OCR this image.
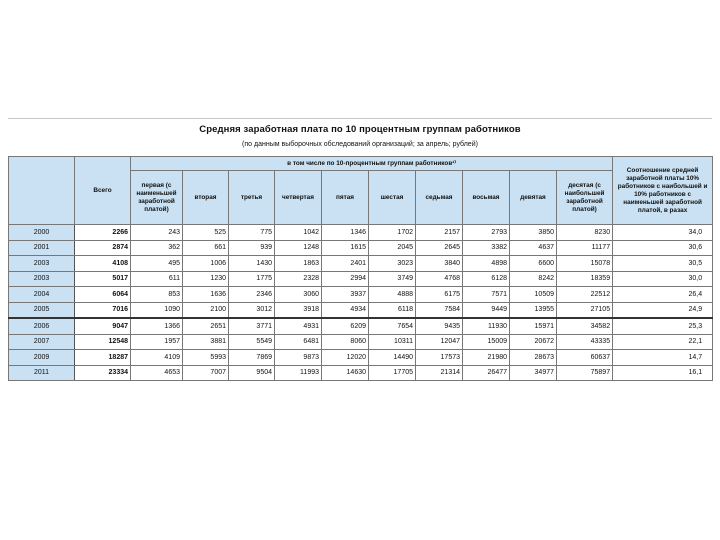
Средняя заработная плата по 10 процентным группам работников
(по данным выборочных обследований организаций; за апрель; рублей)
	Всего	в том числе по 10-процентным группам работников¹⁾										Соотношение средней заработной платы 10% работников с наибольшей и 10% работников с наименьшей заработной платой, в разах
		первая (с наименьшей заработной платой)	вторая	третья	четвертая	пятая	шестая	седьмая	восьмая	девятая	десятая (с наибольшей заработной платой)	
2000	2266	243	525	775	1042	1346	1702	2157	2793	3850	8230	34,0
2001	2874	362	661	939	1248	1615	2045	2645	3382	4637	11177	30,6
2003	4108	495	1006	1430	1863	2401	3023	3840	4898	6600	15078	30,5
2003	5017	611	1230	1775	2328	2994	3749	4768	6128	8242	18359	30,0
2004	6064	853	1636	2346	3060	3937	4888	6175	7571	10509	22512	26,4
2005	7016	1090	2100	3012	3918	4934	6118	7584	9449	13955	27105	24,9
2006	9047	1366	2651	3771	4931	6209	7654	9435	11930	15971	34582	25,3
2007	12548	1957	3881	5549	6481	8060	10311	12047	15009	20672	43335	22,1
2009	18287	4109	5993	7869	9873	12020	14490	17573	21980	28673	60637	14,7
2011	23334	4653	7007	9504	11993	14630	17705	21314	26477	34977	75897	16,1
